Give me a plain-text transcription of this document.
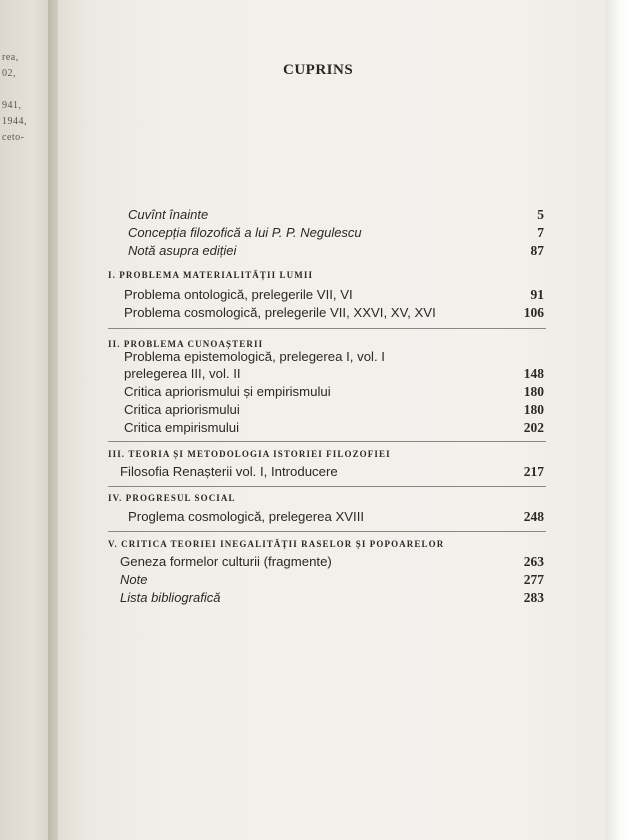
rea,
02,
941,
1944,
ceto-
CUPRINS
Cuvînt înainte	5
Concepția filozofică a lui P. P. Negulescu	7
Notă asupra ediției	87
I. PROBLEMA MATERIALITĂȚII LUMII
Problema ontologică, prelegerile VII, VI	91
Problema cosmologică, prelegerile VII, XXVI, XV, XVI	106
II. PROBLEMA CUNOAȘTERII
Problema epistemologică, prelegerea I, vol. I
prelegerea III, vol. II	148
Critica apriorismului și empirismului	180
Critica apriorismului	180
Critica empirismului	202
III. TEORIA ȘI METODOLOGIA ISTORIEI FILOZOFIEI
Filosofia Renașterii vol. I, Introducere	217
IV. PROGRESUL SOCIAL
Proglema cosmologică, prelegerea XVIII	248
V. CRITICA TEORIEI INEGALITĂȚII RASELOR ȘI POPOARELOR
Geneza formelor culturii (fragmente)	263
Note	277
Lista bibliografică	283
